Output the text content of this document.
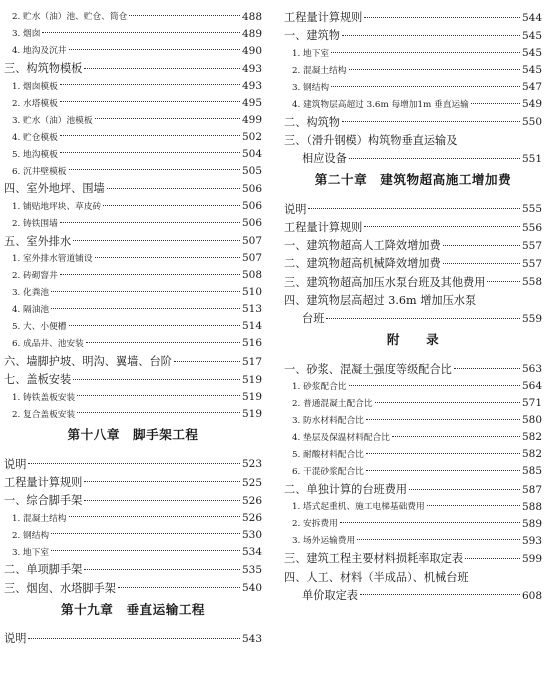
2. 贮水（油）池、贮仓、筒仓	488
3. 烟囱	489
4. 地沟及沉井	490
三、构筑物模板	493
1. 烟囱模板	493
2. 水塔模板	495
3. 贮水（油）池模板	499
4. 贮仓模板	502
5. 地沟模板	504
6. 沉井壁模板	505
四、室外地坪、围墙	506
1. 铺贴地坪块、草皮砖	506
2. 铸铁围墙	506
五、室外排水	507
1. 室外排水管道铺设	507
2. 砖砌窨井	508
3. 化粪池	510
4. 隔油池	513
5. 大、小便槽	514
6. 成品井、池安装	516
六、墙脚护坡、明沟、翼墙、台阶	517
七、盖板安装	519
1. 铸铁盖板安装	519
2. 复合盖板安装	519
第十八章　脚手架工程
说明	523
工程量计算规则	525
一、综合脚手架	526
1. 混凝土结构	526
2. 钢结构	530
3. 地下室	534
二、单项脚手架	535
三、烟囱、水塔脚手架	540
第十九章　垂直运输工程
说明	543
工程量计算规则	544
一、建筑物	545
1. 地下室	545
2. 混凝土结构	545
3. 钢结构	547
4. 建筑物层高超过 3.6m 每增加1m 垂直运输	549
二、构筑物	550
三、（滑升钢模）构筑物垂直运输及
相应设备	551
第二十章　建筑物超高施工增加费
说明	555
工程量计算规则	556
一、建筑物超高人工降效增加费	557
二、建筑物超高机械降效增加费	557
三、建筑物超高加压水泵台班及其他费用	558
四、建筑物层高超过 3.6m 增加压水泵
台班	559
附　　录
一、砂浆、混凝土强度等级配合比	563
1. 砂浆配合比	564
2. 普通混凝土配合比	571
3. 防水材料配合比	580
4. 垫层及保温材料配合比	582
5. 耐酸材料配合比	582
6. 干混砂浆配合比	585
二、单独计算的台班费用	587
1. 塔式起重机、施工电梯基础费用	588
2. 安拆费用	589
3. 场外运输费用	593
三、建筑工程主要材料损耗率取定表	599
四、人工、材料（半成品）、机械台班
单价取定表	608
